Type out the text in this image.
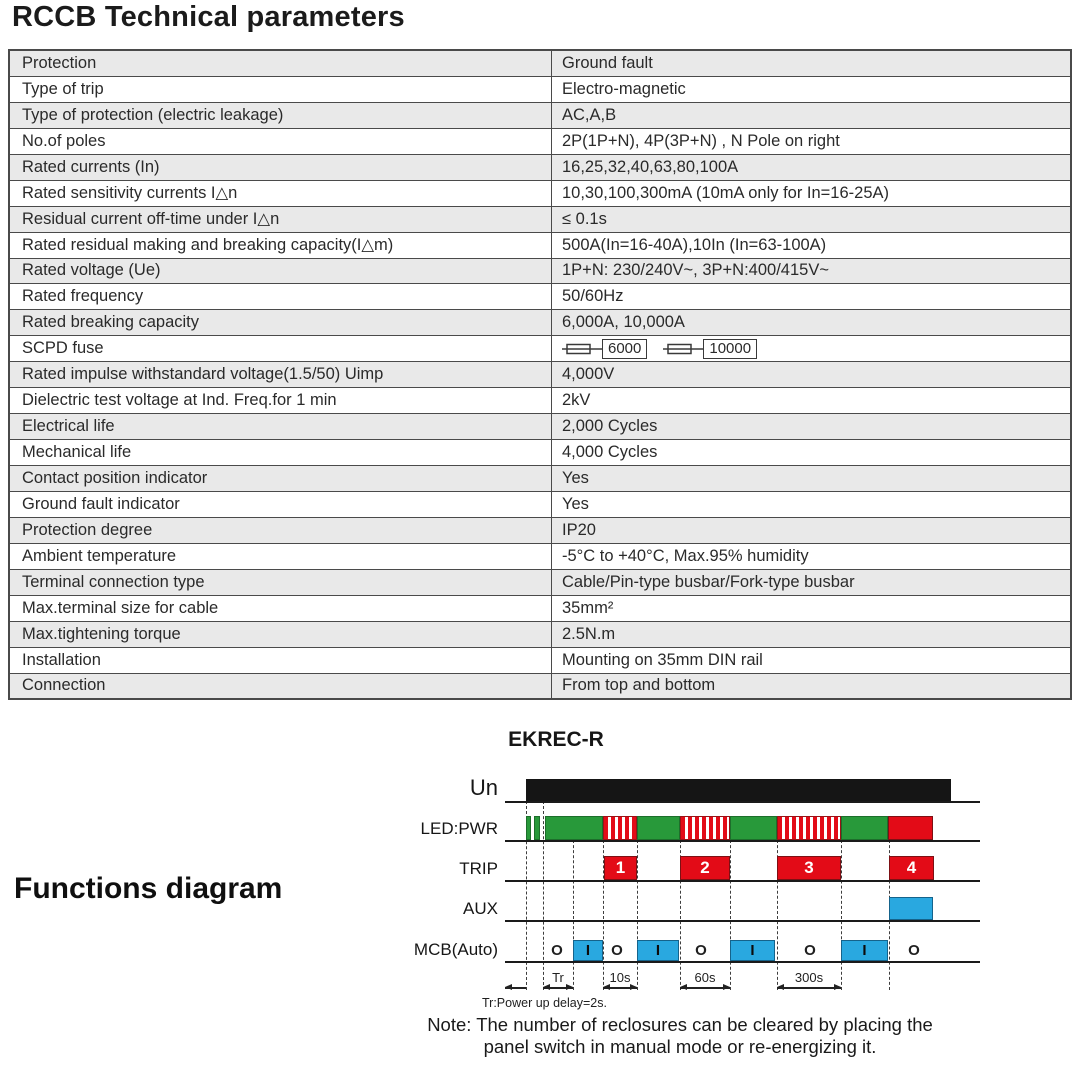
RCCB Technical parameters
Protection	Ground fault
Type of trip	Electro-magnetic
Type of protection (electric leakage)	AC,A,B
No.of poles	2P(1P+N), 4P(3P+N) , N Pole on right
Rated currents (In)	16,25,32,40,63,80,100A
Rated sensitivity currents I△n	10,30,100,300mA (10mA only for In=16-25A)
Residual current off-time under I△n	≤ 0.1s
Rated residual making and breaking capacity(I△m)	500A(In=16-40A),10In (In=63-100A)
Rated voltage (Ue)	1P+N: 230/240V~, 3P+N:400/415V~
Rated frequency	50/60Hz
Rated breaking capacity	6,000A, 10,000A
SCPD fuse	6000 10000

Rated impulse withstandard voltage(1.5/50) Uimp	4,000V
Dielectric test voltage at Ind. Freq.for 1 min	2kV
Electrical life	2,000 Cycles
Mechanical life	4,000 Cycles
Contact position indicator	Yes
Ground fault indicator	Yes
Protection degree	IP20
Ambient temperature	-5°C to +40°C, Max.95% humidity
Terminal connection type	Cable/Pin-type busbar/Fork-type busbar
Max.terminal size for cable	35mm²
Max.tightening torque	2.5N.m
Installation	Mounting on 35mm DIN rail
Connection	From top and bottom
Functions diagram
EKREC-R
Tr:Power up delay=2s.
Un
LED:PWR
TRIP	1	2	3	4
AUX
MCB(Auto)	O	I	O	I	O	I	O	I	O
Tr	10s	60s	300s
Note: The number of reclosures can be cleared by placing the
panel switch in manual mode or re-energizing it.
